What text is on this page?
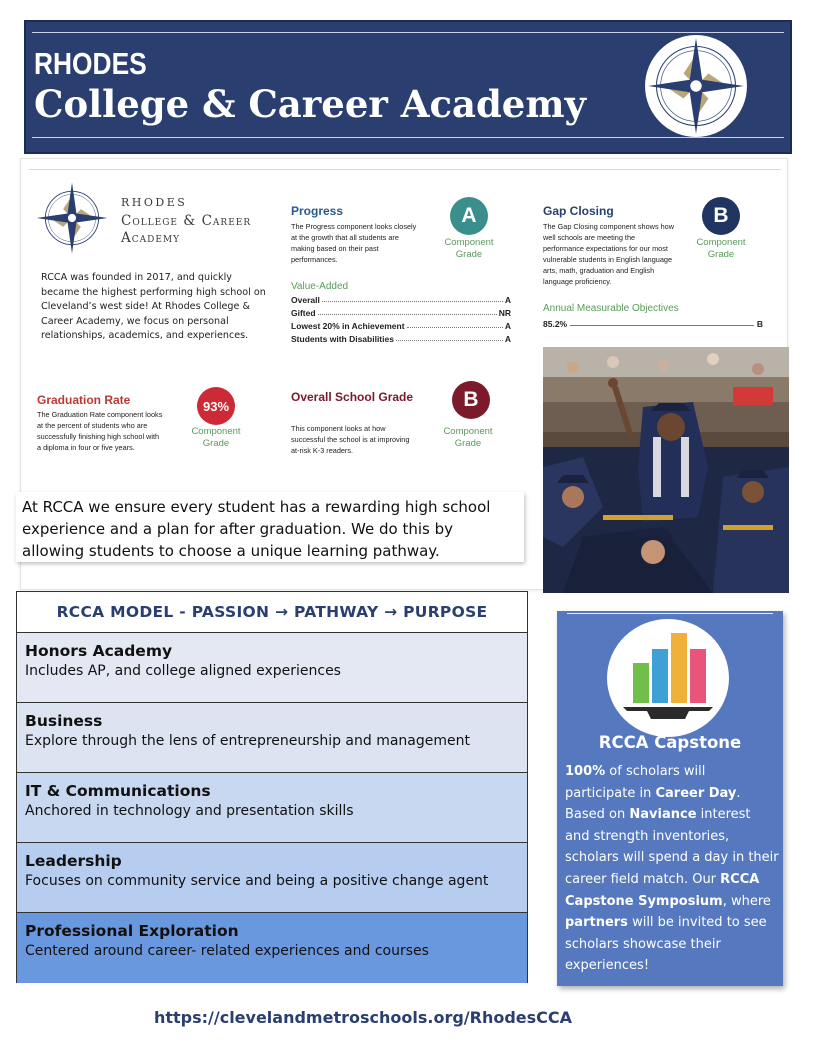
RHODES
College & Career Academy
RHODES
College & Career
Academy
RCCA was founded in 2017, and quickly became the highest performing high school on Cleveland’s west side! At Rhodes College & Career Academy, we focus on personal relationships, academics, and experiences.
Progress
The Progress component looks closely at the growth that all students are making based on their past performances.
A
Component Grade
Value-Added
Overall	A
Gifted	NR
Lowest 20% in Achievement	A
Students with Disabilities	A
Gap Closing
The Gap Closing component shows how well schools are meeting the performance expectations for our most vulnerable students in English language arts, math, graduation and English language proficiency.
B
Component Grade
Annual Measurable Objectives
85.2%	B
Graduation Rate
The Graduation Rate component looks at the percent of students who are successfully finishing high school with a diploma in four or five years.
93%
Component Grade
Overall School Grade
This component looks at how successful the school is at improving at-risk K-3 readers.
B
Component Grade
At RCCA we ensure every student has a rewarding high school experience and a plan for after graduation. We do this by allowing students to choose a unique learning pathway.
RCCA MODEL - PASSION → PATHWAY → PURPOSE
Honors Academy
Includes AP, and college aligned experiences
Business
Explore through the lens of entrepreneurship and management
IT & Communications
Anchored in technology and presentation skills
Leadership
Focuses on community service and being a positive change agent
Professional Exploration
Centered around career- related experiences and courses
RCCA Capstone
100% of scholars will participate in Career Day. Based on Naviance interest and strength inventories, scholars will spend a day in their career field match. Our RCCA Capstone Symposium, where partners will be invited to see scholars showcase their experiences!
https://clevelandmetroschools.org/RhodesCCA
